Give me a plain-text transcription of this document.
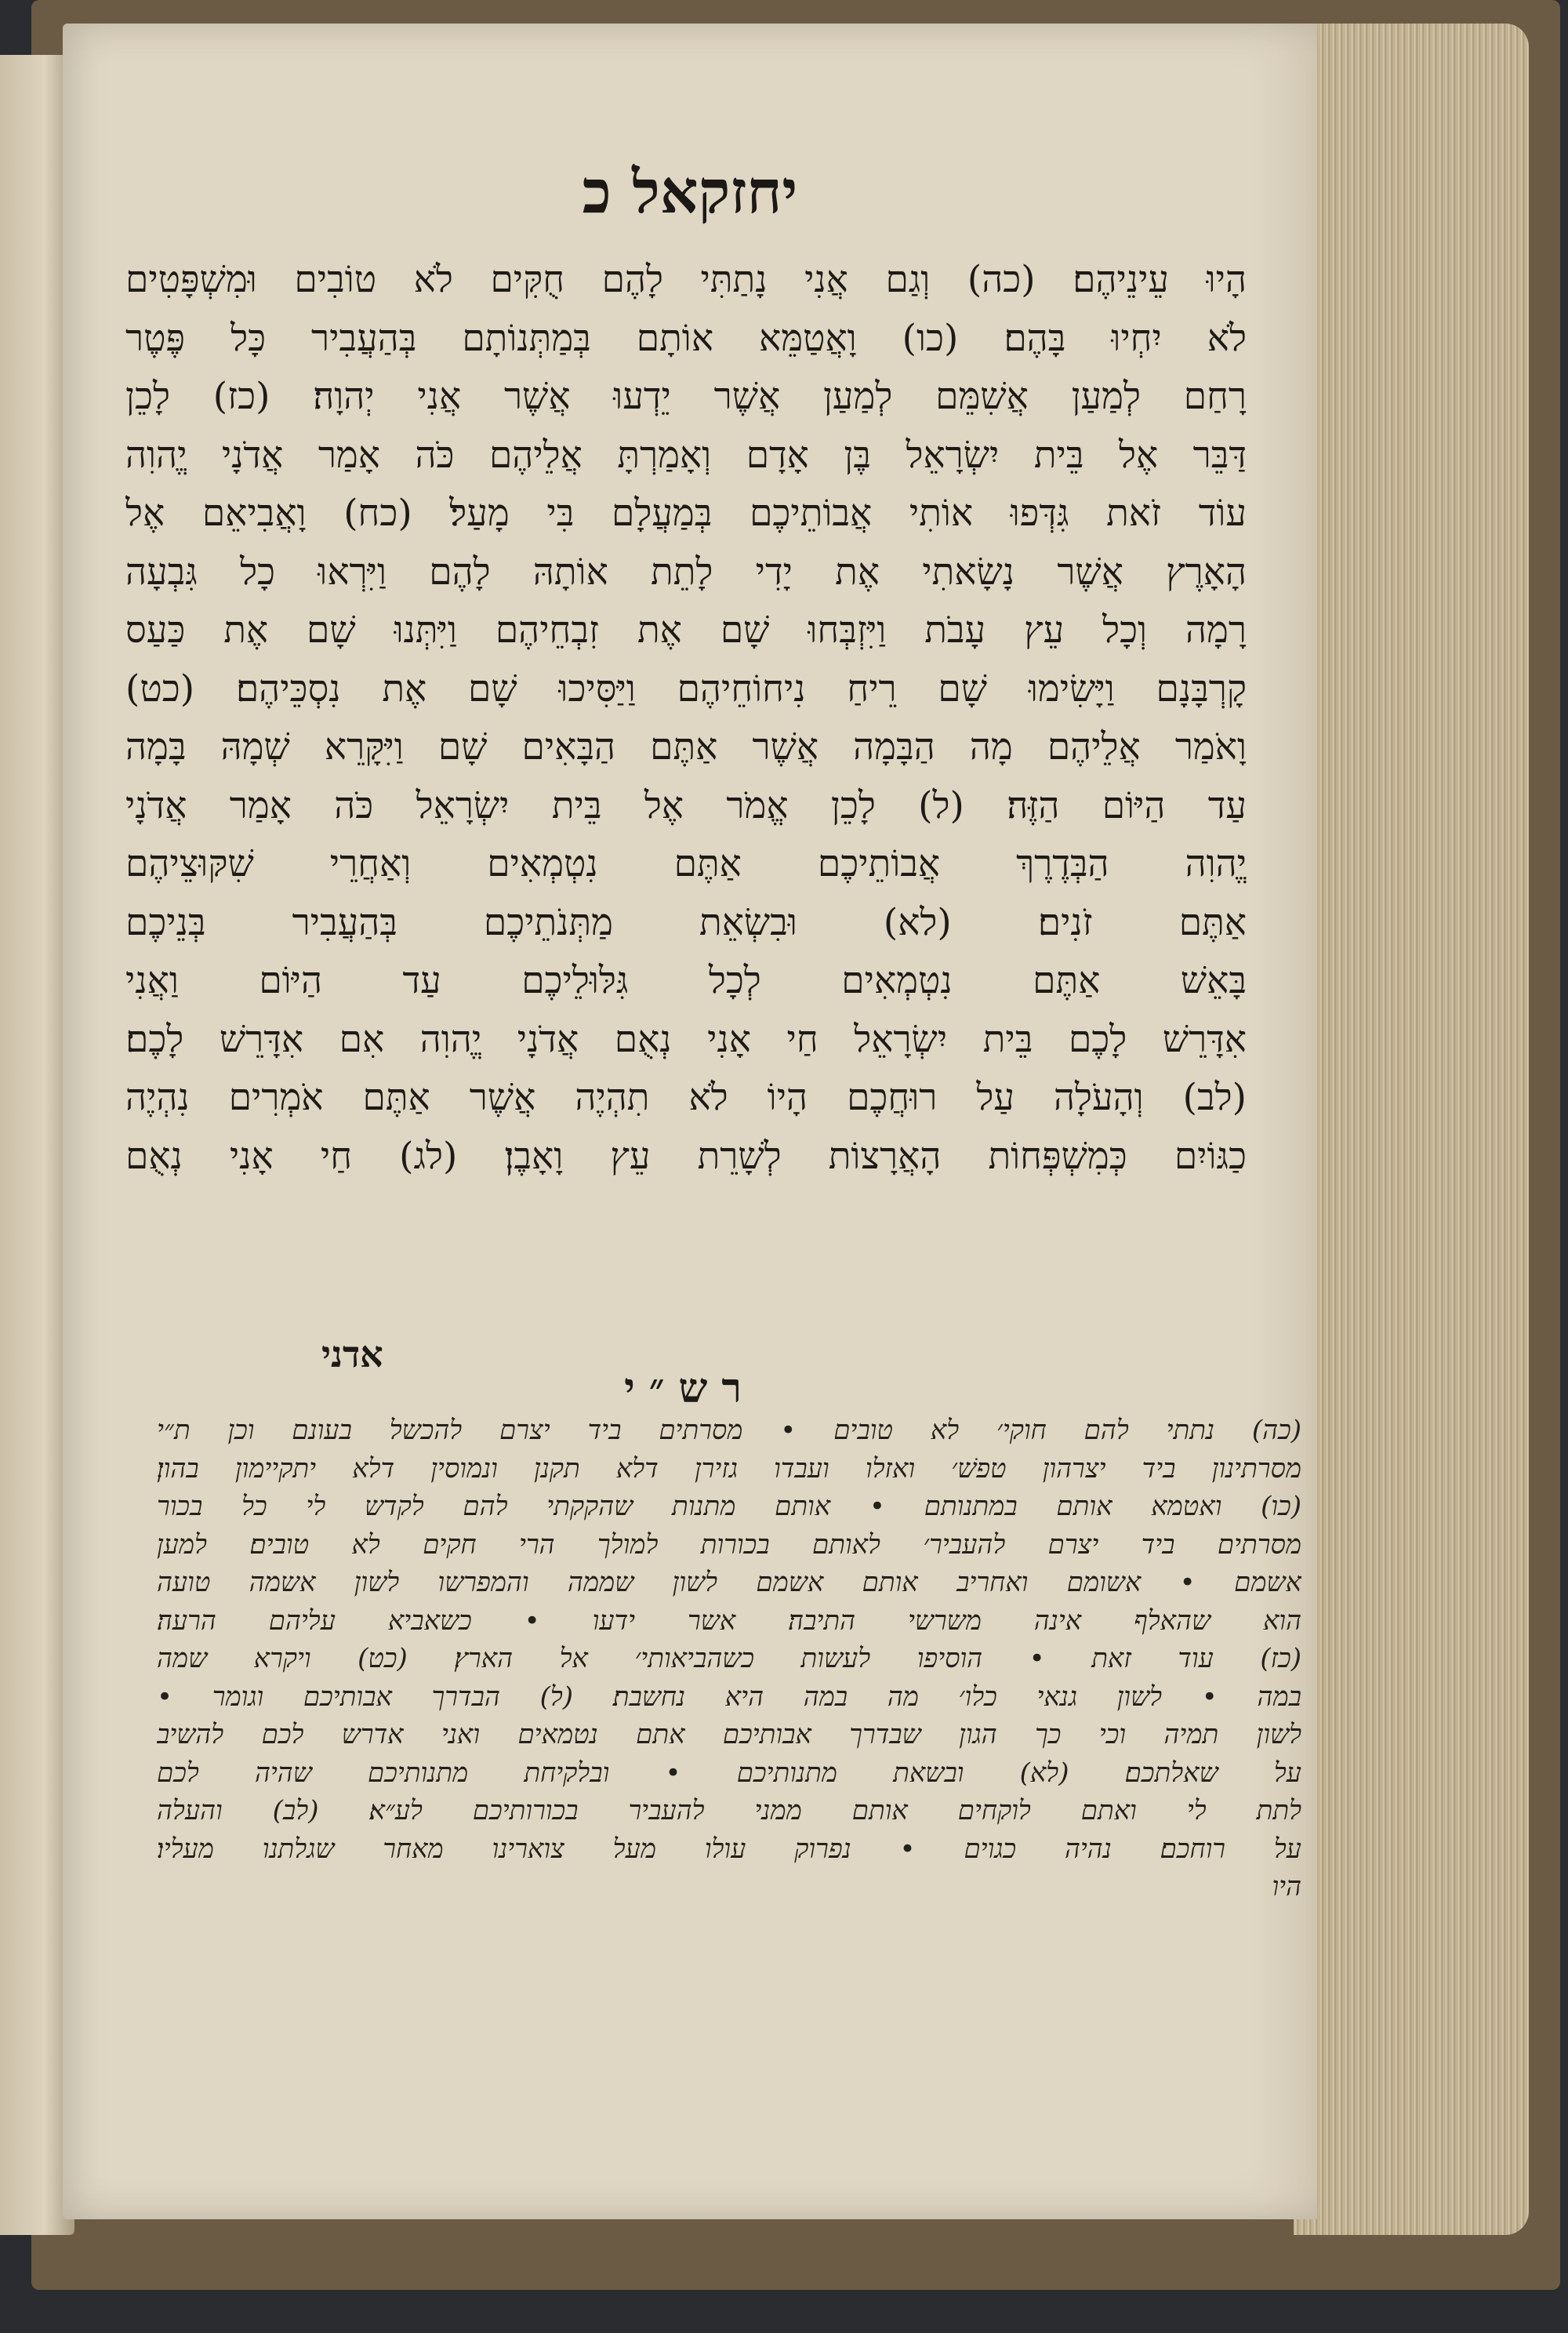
יחזקאל כ

הָיוּ עֵינֵיהֶם׃ (כה) וְגַם אֲנִי נָתַתִּי לָהֶם חֻקִּים לֹא טוֹבִים וּמִשְׁפָּטִים

לֹא יִחְיוּ בָּהֶם׃ (כו) וָאֲטַמֵּא אוֹתָם בְּמַתְּנוֹתָם בְּהַעֲבִיר כָּל פֶּטֶר

רָחַם לְמַעַן אֲשִׁמֵּם לְמַעַן אֲשֶׁר יֵדְעוּ אֲשֶׁר אֲנִי יְהוָה׃ (כז) לָכֵן

דַּבֵּר אֶל בֵּית יִשְׂרָאֵל בֶּן אָדָם וְאָמַרְתָּ אֲלֵיהֶם כֹּה אָמַר אֲדֹנָי יֱהוִה

עוֹד זֹאת גִּדְּפוּ אוֹתִי אֲבוֹתֵיכֶם בְּמַעֲלָם בִּי מָעַל׃ (כח) וָאֲבִיאֵם אֶל

הָאָרֶץ אֲשֶׁר נָשָׂאתִי אֶת יָדִי לָתֵת אוֹתָהּ לָהֶם וַיִּרְאוּ כָל גִּבְעָה

רָמָה וְכָל עֵץ עָבֹת וַיִּזְבְּחוּ שָׁם אֶת זִבְחֵיהֶם וַיִּתְּנוּ שָׁם אֶת כַּעַס

קָרְבָּנָם וַיָּשִׂימוּ שָׁם רֵיחַ נִיחוֹחֵיהֶם וַיַּסִּיכוּ שָׁם אֶת נִסְכֵּיהֶם׃ (כט)

וָאֹמַר אֲלֵיהֶם מָה הַבָּמָה אֲשֶׁר אַתֶּם הַבָּאִים שָׁם וַיִּקָּרֵא שְׁמָהּ בָּמָה

עַד הַיּוֹם הַזֶּה׃ (ל) לָכֵן אֱמֹר אֶל בֵּית יִשְׂרָאֵל כֹּה אָמַר אֲדֹנָי

יֱהוִה הַבְּדֶרֶךְ אֲבוֹתֵיכֶם אַתֶּם נִטְמְאִים וְאַחֲרֵי שִׁקּוּצֵיהֶם

אַתֶּם זֹנִים׃ (לא) וּבִשְׂאֵת מַתְּנֹתֵיכֶם בְּהַעֲבִיר בְּנֵיכֶם

בָּאֵשׁ אַתֶּם נִטְמְאִים לְכָל גִּלּוּלֵיכֶם עַד הַיּוֹם וַאֲנִי

אִדָּרֵשׁ לָכֶם בֵּית יִשְׂרָאֵל חַי אָנִי נְאֻם אֲדֹנָי יֱהוִה אִם אִדָּרֵשׁ לָכֶם׃

(לב) וְהָעֹלָה עַל רוּחֲכֶם הָיוֹ לֹא תִהְיֶה אֲשֶׁר אַתֶּם אֹמְרִים נִהְיֶה

כַגּוֹיִם כְּמִשְׁפְּחוֹת הָאֲרָצוֹת לְשָׁרֵת עֵץ וָאָבֶן׃ (לג) חַי אָנִי נְאֻם

אדני
רש״י

(כה) נתתי להם חוקי׳ לא טובים • מסרתים ביד יצרם להכשל בעונם וכן ת״י

מסרתינון ביד יצרהון טפשׁ׳ ואזלו ועבדו גזירן דלא תקנן ונמוסין דלא יתקיימון בהון׃

(כו) ואטמא אותם במתנותם • אותם מתנות שהקקתי להם לקדש לי כל בכור

מסרתים ביד יצרם להעביר׳ לאותם בכורות למולך הרי חקים לא טובים׃ למען

אשמם • אשומם ואחריב אותם אשמם לשון שממה והמפרשו לשון אשמה טועה

הוא שהאלף אינה משרשי התיבה׃ אשר ידעו • כשאביא עליהם הרעה׃

(כז) עוד זאת • הוסיפו לעשות כשהביאותי׳ אל הארץ׃ (כט) ויקרא שמה

במה • לשון גנאי כלו׳ מה במה היא נחשבת׃ (ל) הבדרך אבותיכם וגומר •

לשון תמיה וכי כך הגון שבדרך אבותיכם אתם נטמאים ואני אדרש לכם להשיב

על שאלתכם׃ (לא) ובשאת מתנותיכם • ובלקיחת מתנותיכם שהיה לכם

לתת לי ואתם לוקחים אותם ממני להעביר בכורותיכם לע״א׃ (לב) והעלה

על רוחכם׃ נהיה כגוים • נפרוק עולו מעל צוארינו מאחר שגלתנו מעליו׃

היו
